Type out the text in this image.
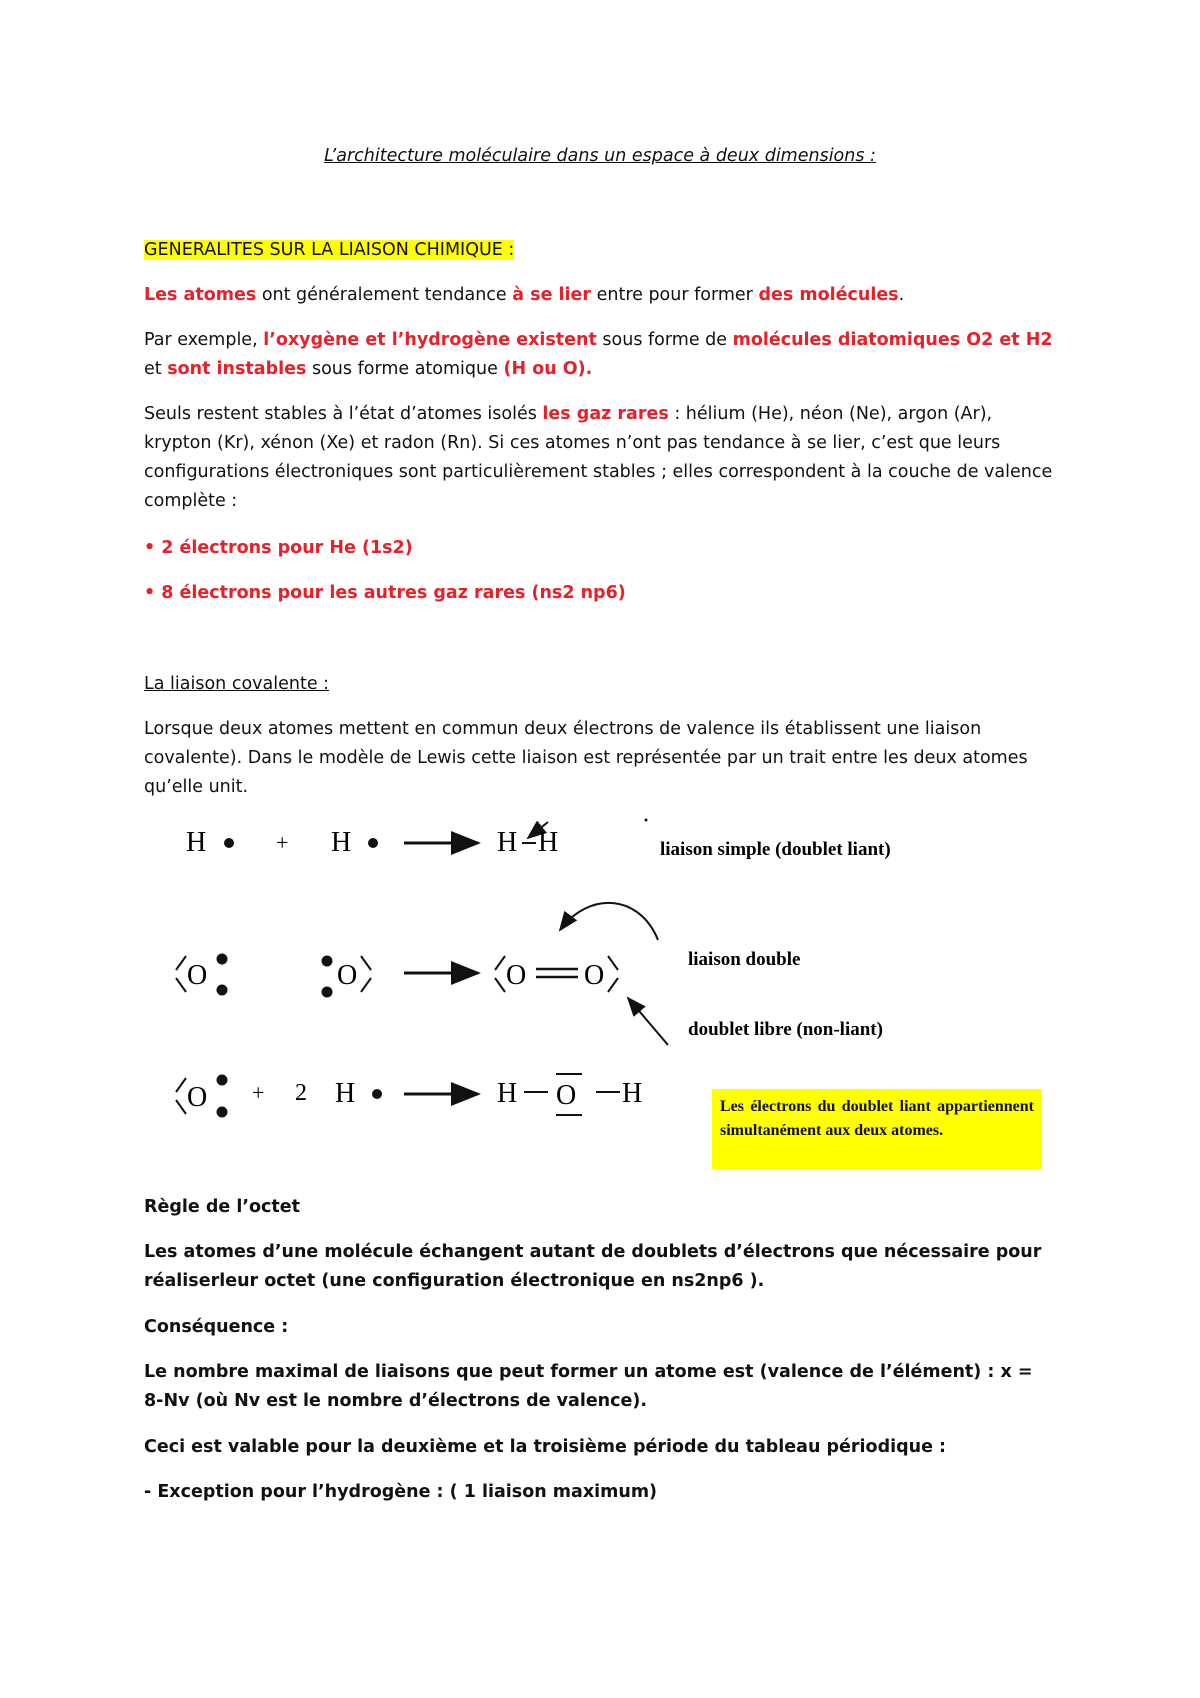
L’architecture moléculaire dans un espace à deux dimensions :

GENERALITES SUR LA LIAISON CHIMIQUE :

Les atomes ont généralement tendance à se lier entre pour former des molécules.

Par exemple, l’oxygène et l’hydrogène existent sous forme de molécules diatomiques O2 et H2 et sont instables sous forme atomique (H ou O).

Seuls restent stables à l’état d’atomes isolés les gaz rares : hélium (He), néon (Ne), argon (Ar), krypton (Kr), xénon (Xe) et radon (Rn). Si ces atomes n’ont pas tendance à se lier, c’est que leurs configurations électroniques sont particulièrement stables ; elles correspondent à la couche de valence complète :

• 2 électrons pour He (1s2)

• 8 électrons pour les autres gaz rares (ns2 np6)

La liaison covalente :

Lorsque deux atomes mettent en commun deux électrons de valence ils établissent une liaison covalente). Dans le modèle de Lewis cette liaison est représentée par un trait entre les deux atomes qu’elle unit.

H	+ H	H H	liaison simple (doublet liant)
O	O	O O
liaison double
doublet libre (non-liant)
O + 2 H	H O H	Les électrons du doublet liant appartiennent simultanément aux deux atomes.

Règle de l’octet

Les atomes d’une molécule échangent autant de doublets d’électrons que nécessaire pour réaliserleur octet (une configuration électronique en ns2np6 ).

Conséquence :

Le nombre maximal de liaisons que peut former un atome est (valence de l’élément) : x = 8-Nv (où Nv est le nombre d’électrons de valence).

Ceci est valable pour la deuxième et la troisième période du tableau périodique :

- Exception pour l’hydrogène : ( 1 liaison maximum)
